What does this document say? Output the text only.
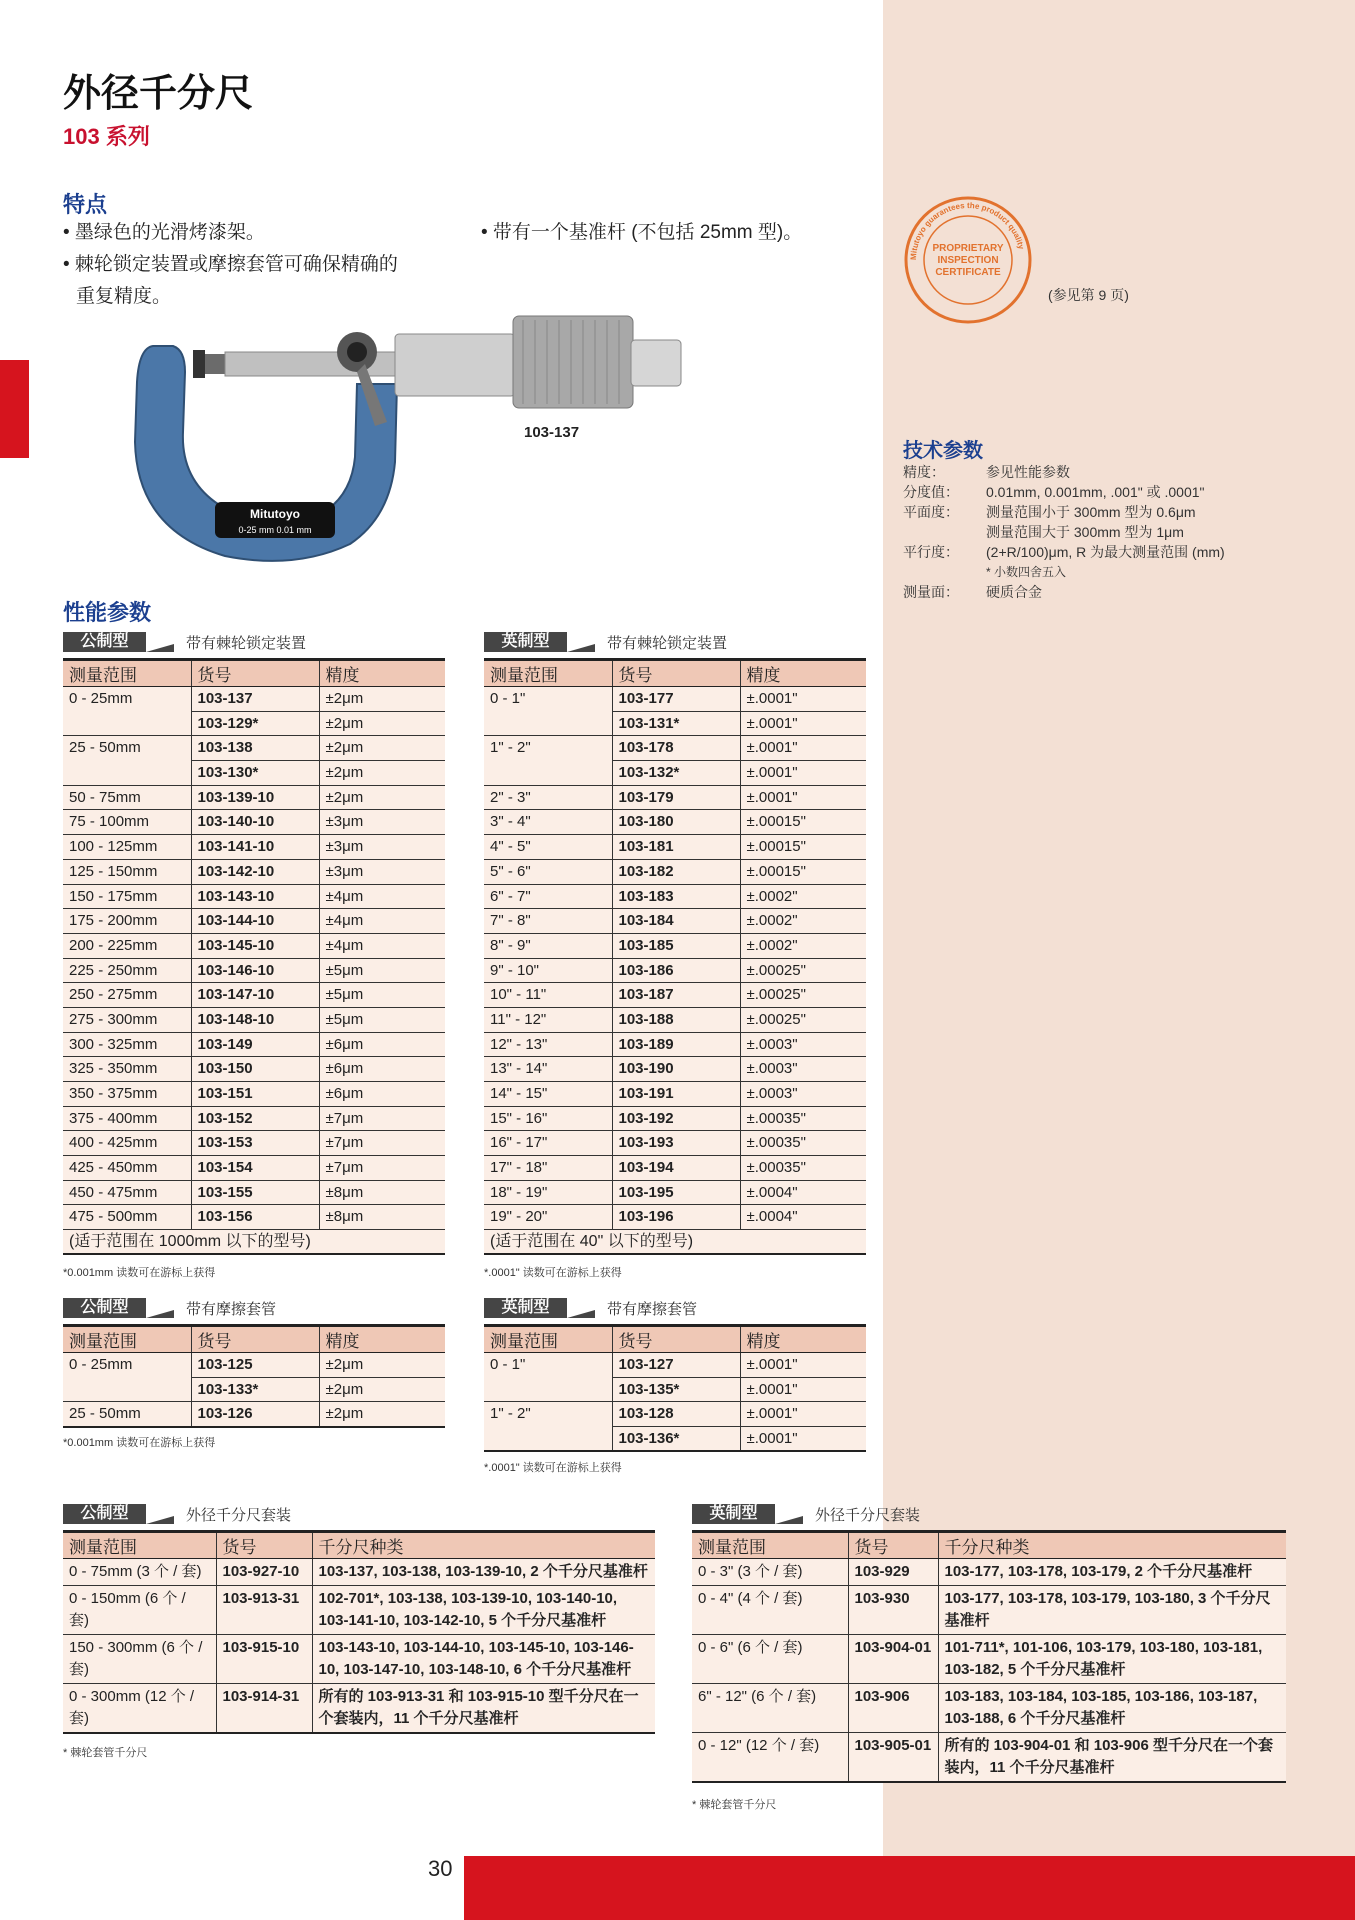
外径千分尺
103 系列
特点
• 墨绿色的光滑烤漆架。
• 棘轮锁定装置或摩擦套管可确保精确的
重复精度。
• 带有一个基准杆 (不包括 25mm 型)。
Mitutoyo
0-25 mm 0.01 mm
103-137
Mitutoyo guarantees the product quality
PROPRIETARY
INSPECTION
CERTIFICATE
(参见第 9 页)
技术参数
精度：	参见性能参数
分度值：	0.01mm, 0.001mm, .001" 或 .0001"
平面度：	测量范围小于 300mm 型为 0.6μm
测量范围大于 300mm 型为 1μm
平行度：	(2+R/100)μm, R 为最大测量范围 (mm)
* 小数四舍五入
测量面：	硬质合金
性能参数
公制型	带有棘轮锁定装置
测量范围	货号	精度
0 - 25mm	103-137	±2μm
	103-129*	±2μm
25 - 50mm	103-138	±2μm
	103-130*	±2μm
50 - 75mm	103-139-10	±2μm
75 - 100mm	103-140-10	±3μm
100 - 125mm	103-141-10	±3μm
125 - 150mm	103-142-10	±3μm
150 - 175mm	103-143-10	±4μm
175 - 200mm	103-144-10	±4μm
200 - 225mm	103-145-10	±4μm
225 - 250mm	103-146-10	±5μm
250 - 275mm	103-147-10	±5μm
275 - 300mm	103-148-10	±5μm
300 - 325mm	103-149	±6μm
325 - 350mm	103-150	±6μm
350 - 375mm	103-151	±6μm
375 - 400mm	103-152	±7μm
400 - 425mm	103-153	±7μm
425 - 450mm	103-154	±7μm
450 - 475mm	103-155	±8μm
475 - 500mm	103-156	±8μm
(适于范围在 1000mm 以下的型号)		
*0.001mm 读数可在游标上获得
英制型	带有棘轮锁定装置
测量范围	货号	精度
0 - 1"	103-177	±.0001"
	103-131*	±.0001"
1" - 2"	103-178	±.0001"
	103-132*	±.0001"
2" - 3"	103-179	±.0001"
3" - 4"	103-180	±.00015"
4" - 5"	103-181	±.00015"
5" - 6"	103-182	±.00015"
6" - 7"	103-183	±.0002"
7" - 8"	103-184	±.0002"
8" - 9"	103-185	±.0002"
9" - 10"	103-186	±.00025"
10" - 11"	103-187	±.00025"
11" - 12"	103-188	±.00025"
12" - 13"	103-189	±.0003"
13" - 14"	103-190	±.0003"
14" - 15"	103-191	±.0003"
15" - 16"	103-192	±.00035"
16" - 17"	103-193	±.00035"
17" - 18"	103-194	±.00035"
18" - 19"	103-195	±.0004"
19" - 20"	103-196	±.0004"
(适于范围在 40" 以下的型号)		
*.0001" 读数可在游标上获得
公制型	带有摩擦套管
测量范围	货号	精度
0 - 25mm	103-125	±2μm
	103-133*	±2μm
25 - 50mm	103-126	±2μm
*0.001mm 读数可在游标上获得
英制型	带有摩擦套管
测量范围	货号	精度
0 - 1"	103-127	±.0001"
	103-135*	±.0001"
1" - 2"	103-128	±.0001"
	103-136*	±.0001"
*.0001" 读数可在游标上获得
公制型	外径千分尺套装
测量范围	货号	千分尺种类
0 - 75mm (3 个 / 套)	103-927-10	103-137, 103-138, 103-139-10, 2 个千分尺基准杆
0 - 150mm (6 个 / 套)	103-913-31	102-701*, 103-138, 103-139-10, 103-140-10, 103-141-10, 103-142-10, 5 个千分尺基准杆
150 - 300mm (6 个 / 套)	103-915-10	103-143-10, 103-144-10, 103-145-10, 103-146-10, 103-147-10, 103-148-10, 6 个千分尺基准杆
0 - 300mm (12 个 / 套)	103-914-31	所有的 103-913-31 和 103-915-10 型千分尺在一个套装内，11 个千分尺基准杆
* 棘轮套管千分尺
英制型	外径千分尺套装
测量范围	货号	千分尺种类
0 - 3" (3 个 / 套)	103-929	103-177, 103-178, 103-179, 2 个千分尺基准杆
0 - 4" (4 个 / 套)	103-930	103-177, 103-178, 103-179, 103-180, 3 个千分尺基准杆
0 - 6" (6 个 / 套)	103-904-01	101-711*, 101-106, 103-179, 103-180, 103-181, 103-182, 5 个千分尺基准杆
6" - 12" (6 个 / 套)	103-906	103-183, 103-184, 103-185, 103-186, 103-187, 103-188, 6 个千分尺基准杆
0 - 12" (12 个 / 套)	103-905-01	所有的 103-904-01 和 103-906 型千分尺在一个套装内，11 个千分尺基准杆
* 棘轮套管千分尺
30
